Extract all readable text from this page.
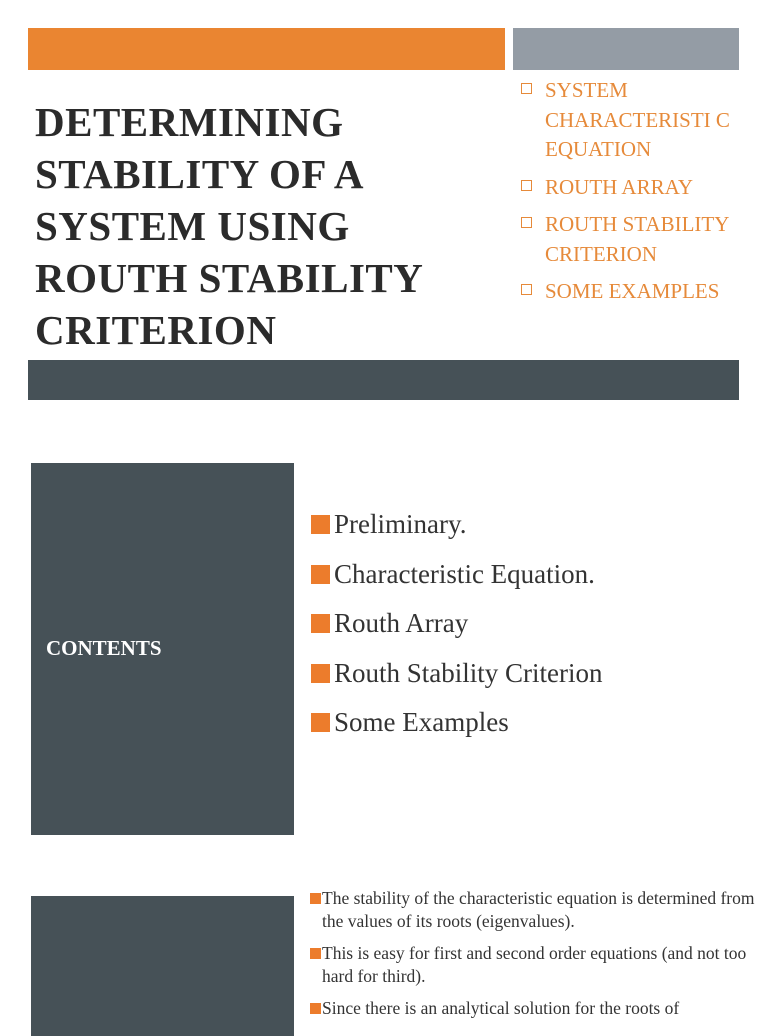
DETERMINING STABILITY OF A SYSTEM USING ROUTH STABILITY CRITERION
SYSTEM CHARACTERISTI C EQUATION
ROUTH ARRAY
ROUTH STABILITY CRITERION
SOME EXAMPLES
CONTENTS
Preliminary.
Characteristic Equation.
Routh Array
Routh Stability Criterion
Some Examples
The stability of the characteristic equation is determined from the values of its roots (eigenvalues).
This is easy for first and second order equations (and not too hard for third).
Since there is an analytical solution for the roots of
